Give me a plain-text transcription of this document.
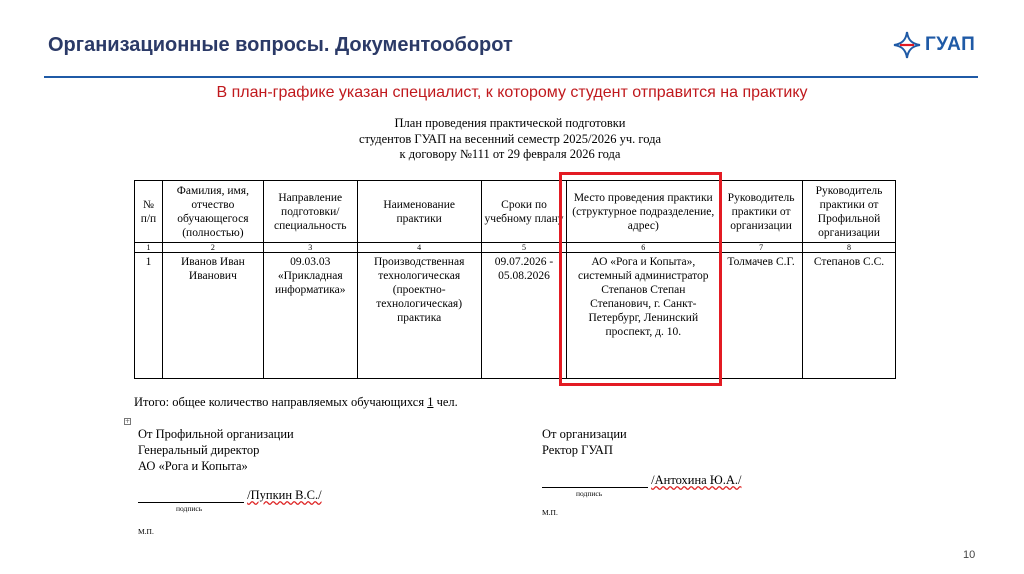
Организационные вопросы. Документооборот	ГУАП
В план-графике указан специалист, к которому студент отправится на практику
План проведения практической подготовки
студентов ГУАП на весенний семестр 2025/2026 уч. года
к договору №111 от 29 февраля 2026 года
№ п/п	Фамилия, имя, отчество обучающегося (полностью)	Направление подготовки/ специальность	Наименование практики	Сроки по учебному плану	Место проведения практики (структурное подразделение, адрес)	Руководитель практики от организации	Руководитель практики от Профильной организации
1	2	3	4	5	6	7	8
1	Иванов Иван Иванович	09.03.03 «Прикладная информатика»	Производственная технологическая (проектно-технологическая) практика	09.07.2026 - 05.08.2026	АО «Рога и Копыта», системный администратор Степанов Степан Степанович, г. Санкт-Петербург, Ленинский проспект, д. 10.	Толмачев С.Г.	Степанов С.С.
Итого: общее количество направляемых обучающихся 1 чел.
+
От Профильной организации
Генеральный директор
АО «Рога и Копыта»
/Пупкин В.С./
подпись
М.П.
От организации
Ректор ГУАП
/Антохина Ю.А./
подпись
М.П.
10
